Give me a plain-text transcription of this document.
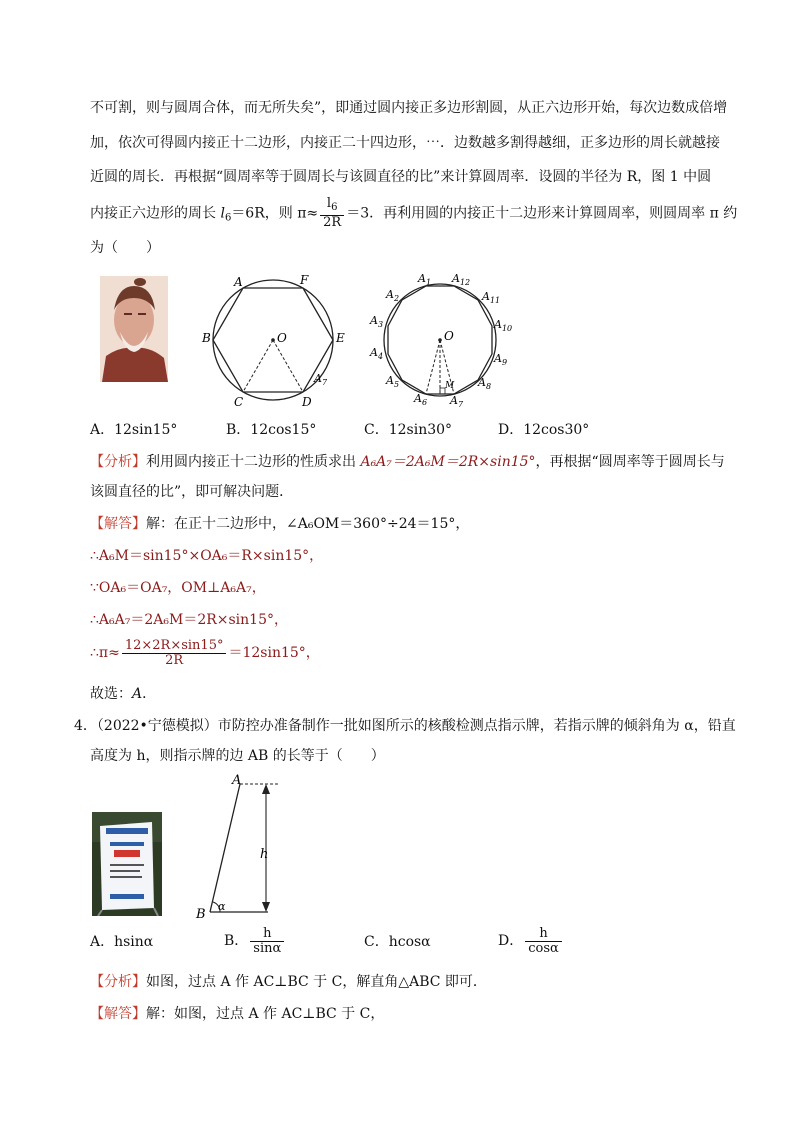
不可割，则与圆周合体，而无所失矣”，即通过圆内接正多边形割圆，从正六边形开始，每次边数成倍增
加，依次可得圆内接正十二边形，内接正二十四边形，⋯．边数越多割得越细，正多边形的周长就越接
近圆的周长．再根据“圆周率等于圆周长与该圆直径的比”来计算圆周率．设圆的半径为 R，图 1 中圆
内接正六边形的周长 $l_6=6R$，则 $\pi\approx \frac{l_6}{2R} =3$．再利用圆的内接正十二边形来计算圆周率，则圆周率 π 约
为（　　）
A	F
B	O	E
C	D
$A_7$
$A_1$ $A_{12}$
$A_2$	$A_{11}$
$A_3$
O
$A_{10}$
$A_4$	$A_9$
$A_5$	M $A_8$
$A_6$ $A_7$
A．12sin15°	B．12cos15°	C．12sin30°	D．12cos30°
【分析】利用圆内接正十二边形的性质求出 A₆A₇＝2A₆M＝2R×sin15°，再根据“圆周率等于圆周长与
该圆直径的比”，即可解决问题．
【解答】解：在正十二边形中，∠A₆OM＝360°÷24＝15°，
∴A₆M＝sin15°×OA₆＝R×sin15°，
∵OA₆＝OA₇，OM⊥A₆A₇，
∴A₆A₇＝2A₆M＝2R×sin15°，
∴π≈ $\frac{12\times 2R\times\sin 15^\circ}{2R} =12\sin 15^\circ$，
故选：A．
4．（2022•宁德模拟）市防控办准备制作一批如图所示的核酸检测点指示牌，若指示牌的倾斜角为 α，铅直
高度为 h，则指示牌的边 AB 的长等于（　　）
A
h
B
α
A．hsinα	B． $\frac{h}{\sin\alpha}$	C．hcosα	D． $\frac{h}{\cos\alpha}$
【分析】如图，过点 A 作 AC⊥BC 于 C，解直角△ABC 即可．
【解答】解：如图，过点 A 作 AC⊥BC 于 C，
